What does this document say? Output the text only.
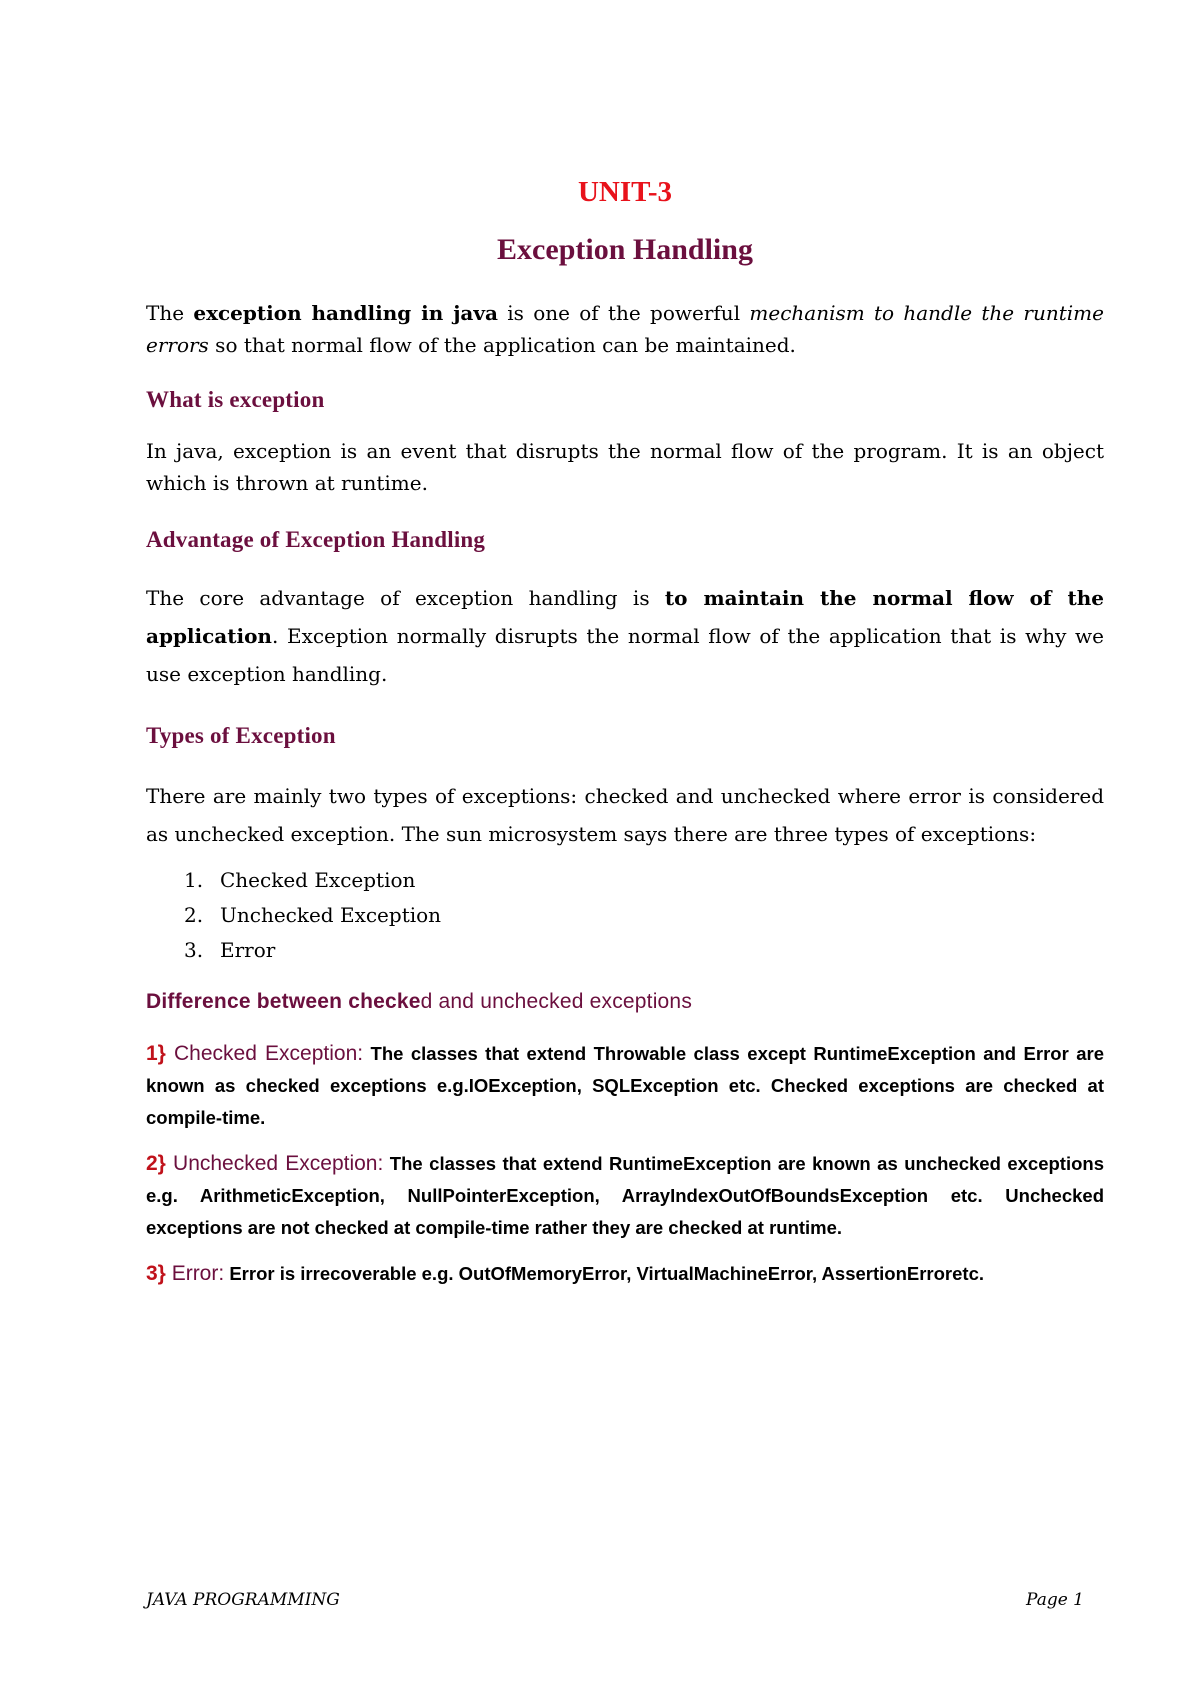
UNIT-3
Exception Handling

The exception handling in java is one of the powerful mechanism to handle the runtime errors so that normal flow of the application can be maintained.

What is exception

In java, exception is an event that disrupts the normal flow of the program. It is an object which is thrown at runtime.

Advantage of Exception Handling

The core advantage of exception handling is to maintain the normal flow of the application. Exception normally disrupts the normal flow of the application that is why we use exception handling.

Types of Exception

There are mainly two types of exceptions: checked and unchecked where error is considered as unchecked exception. The sun microsystem says there are three types of exceptions:

1. Checked Exception
2. Unchecked Exception
3. Error
Difference between checked and unchecked exceptions

1} Checked Exception: The classes that extend Throwable class except RuntimeException and Error are known as checked exceptions e.g.IOException, SQLException etc. Checked exceptions are checked at compile-time.

2} Unchecked Exception: The classes that extend RuntimeException are known as unchecked exceptions e.g. ArithmeticException, NullPointerException, ArrayIndexOutOfBoundsException etc. Unchecked exceptions are not checked at compile-time rather they are checked at runtime.

3} Error: Error is irrecoverable e.g. OutOfMemoryError, VirtualMachineError, AssertionErroretc.

JAVA PROGRAMMING	Page 1
